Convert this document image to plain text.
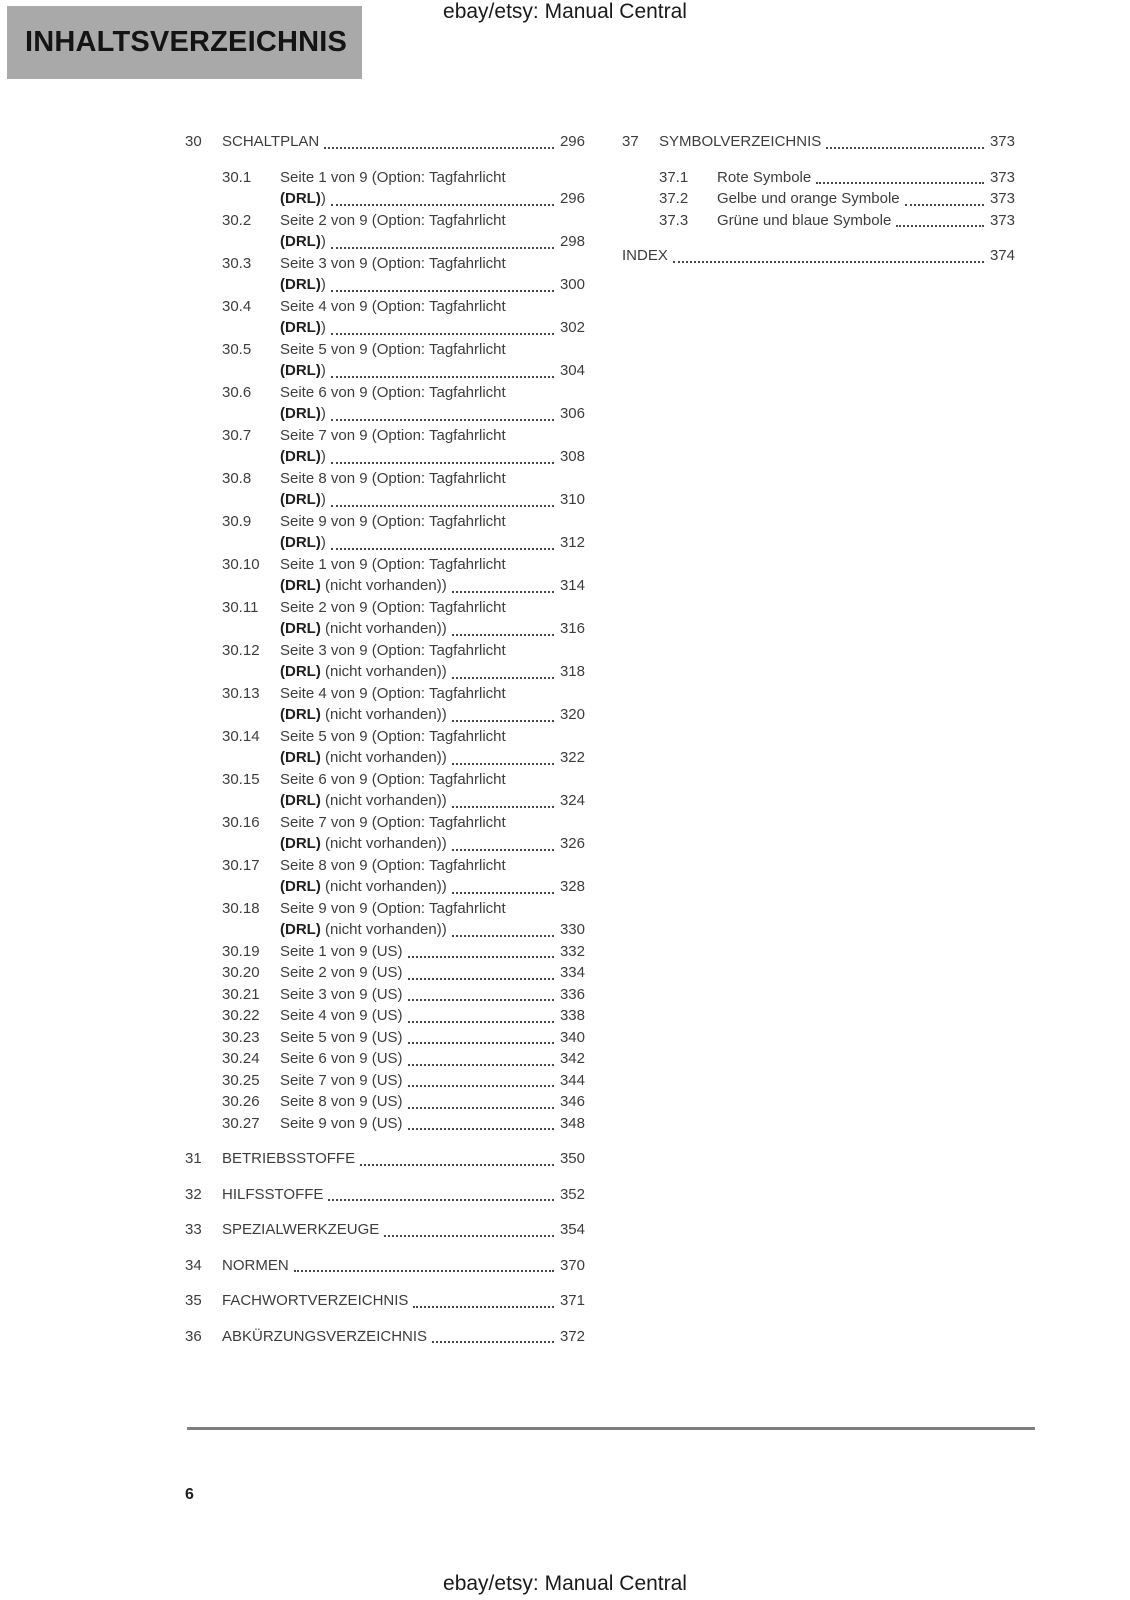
ebay/etsy: Manual Central
INHALTSVERZEICHNIS
30	SCHALTPLAN	296
30.1	Seite 1 von 9 (Option: Tagfahrlicht
(DRL))	296
30.2	Seite 2 von 9 (Option: Tagfahrlicht
(DRL))	298
30.3	Seite 3 von 9 (Option: Tagfahrlicht
(DRL))	300
30.4	Seite 4 von 9 (Option: Tagfahrlicht
(DRL))	302
30.5	Seite 5 von 9 (Option: Tagfahrlicht
(DRL))	304
30.6	Seite 6 von 9 (Option: Tagfahrlicht
(DRL))	306
30.7	Seite 7 von 9 (Option: Tagfahrlicht
(DRL))	308
30.8	Seite 8 von 9 (Option: Tagfahrlicht
(DRL))	310
30.9	Seite 9 von 9 (Option: Tagfahrlicht
(DRL))	312
30.10	Seite 1 von 9 (Option: Tagfahrlicht
(DRL) (nicht vorhanden))	314
30.11	Seite 2 von 9 (Option: Tagfahrlicht
(DRL) (nicht vorhanden))	316
30.12	Seite 3 von 9 (Option: Tagfahrlicht
(DRL) (nicht vorhanden))	318
30.13	Seite 4 von 9 (Option: Tagfahrlicht
(DRL) (nicht vorhanden))	320
30.14	Seite 5 von 9 (Option: Tagfahrlicht
(DRL) (nicht vorhanden))	322
30.15	Seite 6 von 9 (Option: Tagfahrlicht
(DRL) (nicht vorhanden))	324
30.16	Seite 7 von 9 (Option: Tagfahrlicht
(DRL) (nicht vorhanden))	326
30.17	Seite 8 von 9 (Option: Tagfahrlicht
(DRL) (nicht vorhanden))	328
30.18	Seite 9 von 9 (Option: Tagfahrlicht
(DRL) (nicht vorhanden))	330
30.19	Seite 1 von 9 (US)	332
30.20	Seite 2 von 9 (US)	334
30.21	Seite 3 von 9 (US)	336
30.22	Seite 4 von 9 (US)	338
30.23	Seite 5 von 9 (US)	340
30.24	Seite 6 von 9 (US)	342
30.25	Seite 7 von 9 (US)	344
30.26	Seite 8 von 9 (US)	346
30.27	Seite 9 von 9 (US)	348
31	BETRIEBSSTOFFE	350
32	HILFSSTOFFE	352
33	SPEZIALWERKZEUGE	354
34	NORMEN	370
35	FACHWORTVERZEICHNIS	371
36	ABKÜRZUNGSVERZEICHNIS	372
37	SYMBOLVERZEICHNIS	373
37.1	Rote Symbole	373
37.2	Gelbe und orange Symbole	373
37.3	Grüne und blaue Symbole	373
INDEX	374
6
ebay/etsy: Manual Central
